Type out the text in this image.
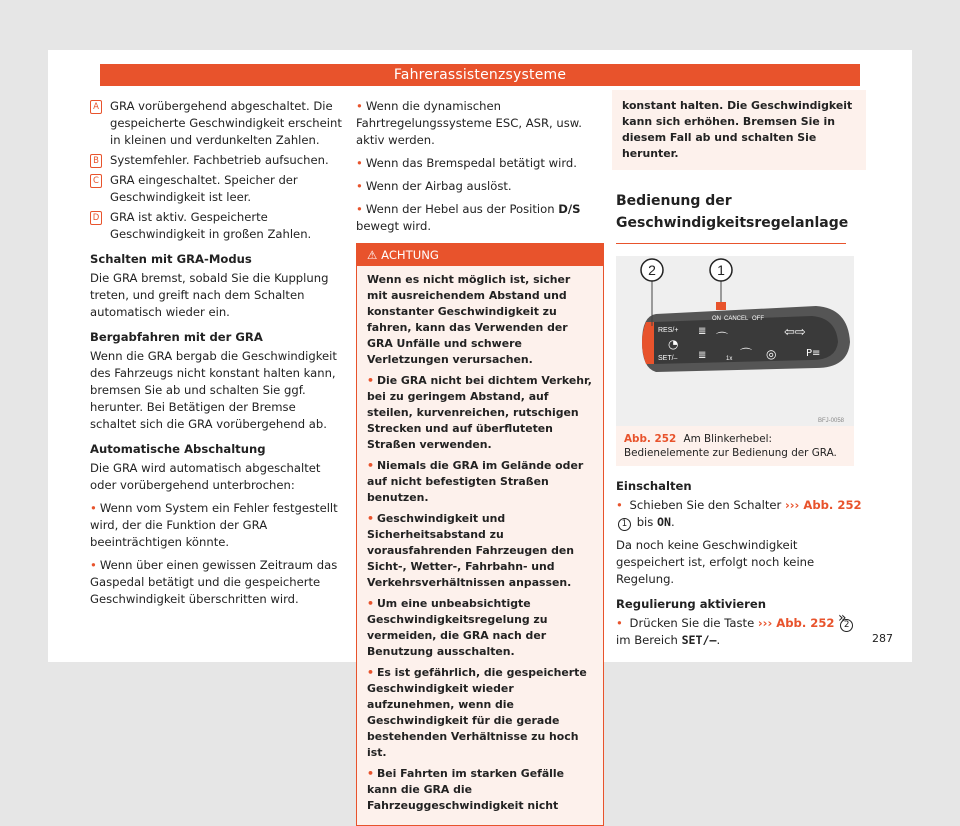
Fahrerassistenzsysteme
A GRA vorübergehend abgeschaltet. Die gespeicherte Geschwindigkeit erscheint in kleinen und verdunkelten Zahlen.
B Systemfehler. Fachbetrieb aufsuchen.
C GRA eingeschaltet. Speicher der Geschwindigkeit ist leer.
D GRA ist aktiv. Gespeicherte Geschwindigkeit in großen Zahlen.
Schalten mit GRA-Modus

Die GRA bremst, sobald Sie die Kupplung treten, und greift nach dem Schalten automatisch wieder ein.

Bergabfahren mit der GRA

Wenn die GRA bergab die Geschwindigkeit des Fahrzeugs nicht konstant halten kann, bremsen Sie ab und schalten Sie ggf. herunter. Bei Betätigen der Bremse schaltet sich die GRA vorübergehend ab.

Automatische Abschaltung

Die GRA wird automatisch abgeschaltet oder vorübergehend unterbrochen:

• Wenn vom System ein Fehler festgestellt wird, der die Funktion der GRA beeinträchtigen könnte.
• Wenn über einen gewissen Zeitraum das Gaspedal betätigt und die gespeicherte Geschwindigkeit überschritten wird.
• Wenn die dynamischen Fahrtregelungssysteme ESC, ASR, usw. aktiv werden.
• Wenn das Bremspedal betätigt wird.
• Wenn der Airbag auslöst.
• Wenn der Hebel aus der Position D/S bewegt wird.
⚠ ACHTUNG

Wenn es nicht möglich ist, sicher mit ausreichendem Abstand und konstanter Geschwindigkeit zu fahren, kann das Verwenden der GRA Unfälle und schwere Verletzungen verursachen.

• Die GRA nicht bei dichtem Verkehr, bei zu geringem Abstand, auf steilen, kurvenreichen, rutschigen Strecken und auf überfluteten Straßen verwenden.

• Niemals die GRA im Gelände oder auf nicht befestigten Straßen benutzen.

• Geschwindigkeit und Sicherheitsabstand zu vorausfahrenden Fahrzeugen den Sicht-, Wetter-, Fahrbahn- und Verkehrsverhältnissen anpassen.

• Um eine unbeabsichtigte Geschwindigkeitsregelung zu vermeiden, die GRA nach der Benutzung ausschalten.

• Es ist gefährlich, die gespeicherte Geschwindigkeit wieder aufzunehmen, wenn die Geschwindigkeit für die gerade bestehenden Verhältnisse zu hoch ist.

• Bei Fahrten im starken Gefälle kann die GRA die Fahrzeuggeschwindigkeit nicht

konstant halten. Die Geschwindigkeit kann sich erhöhen. Bremsen Sie in diesem Fall ab und schalten Sie herunter.
Bedienung der Geschwindigkeitsregelanlage
1
2
ON CANCEL OFF
RES/+
SET/–	1x
◔
≣
≣
⌒
⌒ ◎
⇦⇨
P≡
BFJ-0058
Abb. 252 Am Blinkerhebel: Bedienelemente zur Bedienung der GRA.
Einschalten
• Schieben Sie den Schalter ››› Abb. 252 1 bis ON.

Da noch keine Geschwindigkeit gespeichert ist, erfolgt noch keine Regelung.

Regulierung aktivieren
• Drücken Sie die Taste ››› Abb. 252 2 im Bereich SET/–.
»
287
